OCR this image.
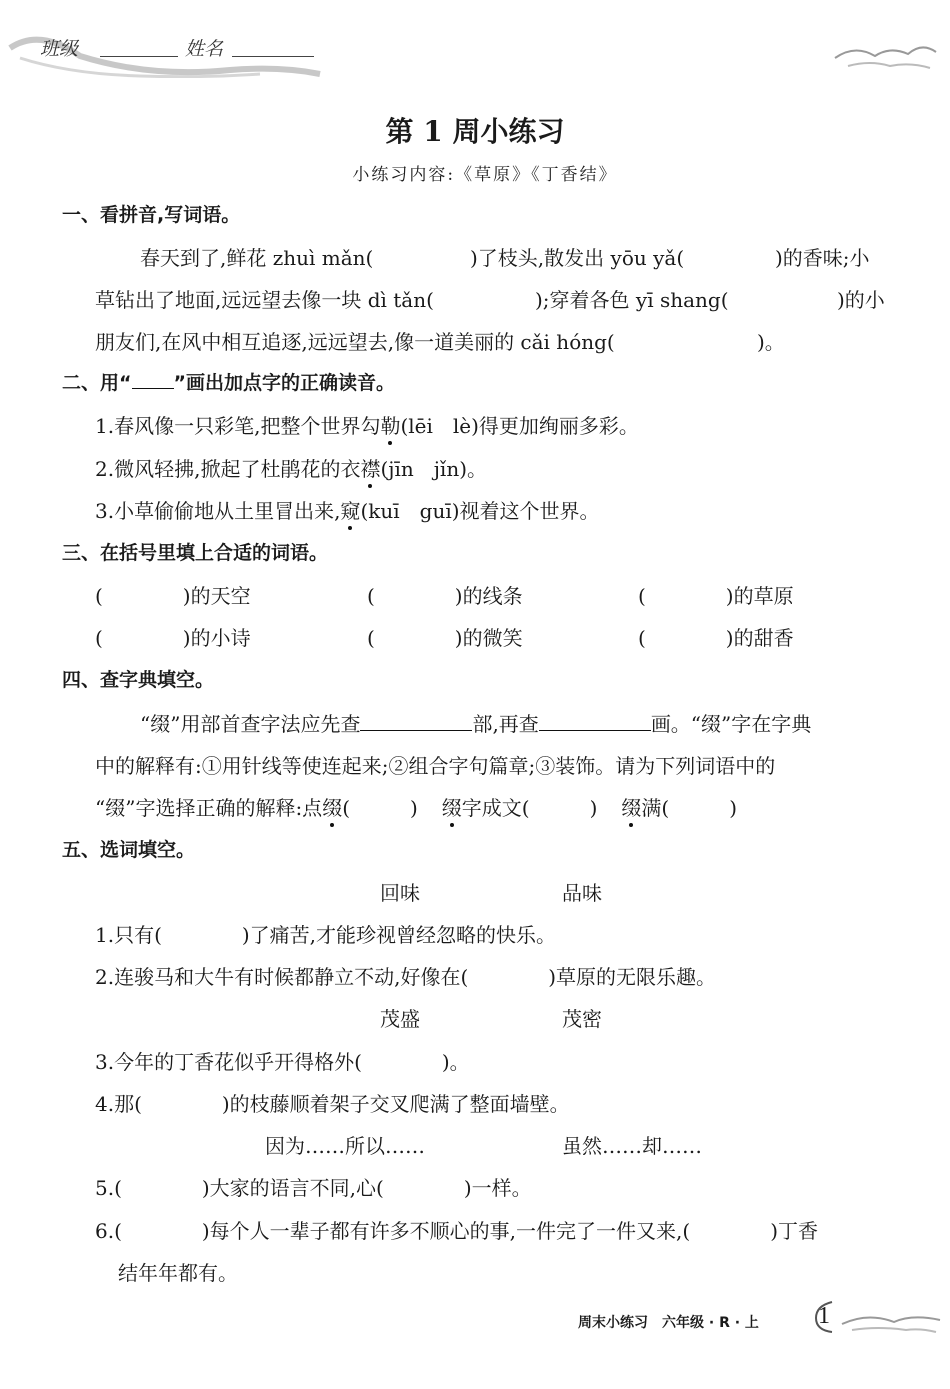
班级	姓名
第 1 周小练习
小练习内容:《草原》《丁香结》
一、看拼音,写词语。
春天到了,鲜花 zhuì mǎn(	)了枝头,散发出 yōu yǎ(	)的香味;小
草钻出了地面,远远望去像一块 dì tǎn(	);穿着各色 yī shang(	)的小
朋友们,在风中相互追逐,远远望去,像一道美丽的 cǎi hóng(	)。
二、用“ ”画出加点字的正确读音。
1.春风像一只彩笔,把整个世界勾勒(lēi　lè)得更加绚丽多彩。
2.微风轻拂,掀起了杜鹃花的衣襟(jīn　jǐn)。
3.小草偷偷地从土里冒出来,窥(kuī　guī)视着这个世界。
三、在括号里填上合适的词语。
(　　　　)的天空	(　　　　)的线条	(　　　　)的草原
(　　　　)的小诗	(　　　　)的微笑	(　　　　)的甜香
四、查字典填空。
“缀”用部首查字法应先查	部,再查	画。“缀”字在字典
中的解释有:①用针线等使连起来;②组合字句篇章;③装饰。请为下列词语中的
“缀”字选择正确的解释:点缀(　　　) 缀字成文(　　　) 缀满(　　　)
五、选词填空。
回味	品味
1.只有(　　　　)了痛苦,才能珍视曾经忽略的快乐。
2.连骏马和大牛有时候都静立不动,好像在(　　　　)草原的无限乐趣。
茂盛	茂密
3.今年的丁香花似乎开得格外(　　　　)。
4.那(　　　　)的枝藤顺着架子交叉爬满了整面墙壁。
因为……所以……	虽然……却……
5.(　　　　)大家的语言不同,心(　　　　)一样。
6.(　　　　)每个人一辈子都有许多不顺心的事,一件完了一件又来,(　　　　)丁香
结年年都有。
周末小练习　六年级 · R · 上 1
